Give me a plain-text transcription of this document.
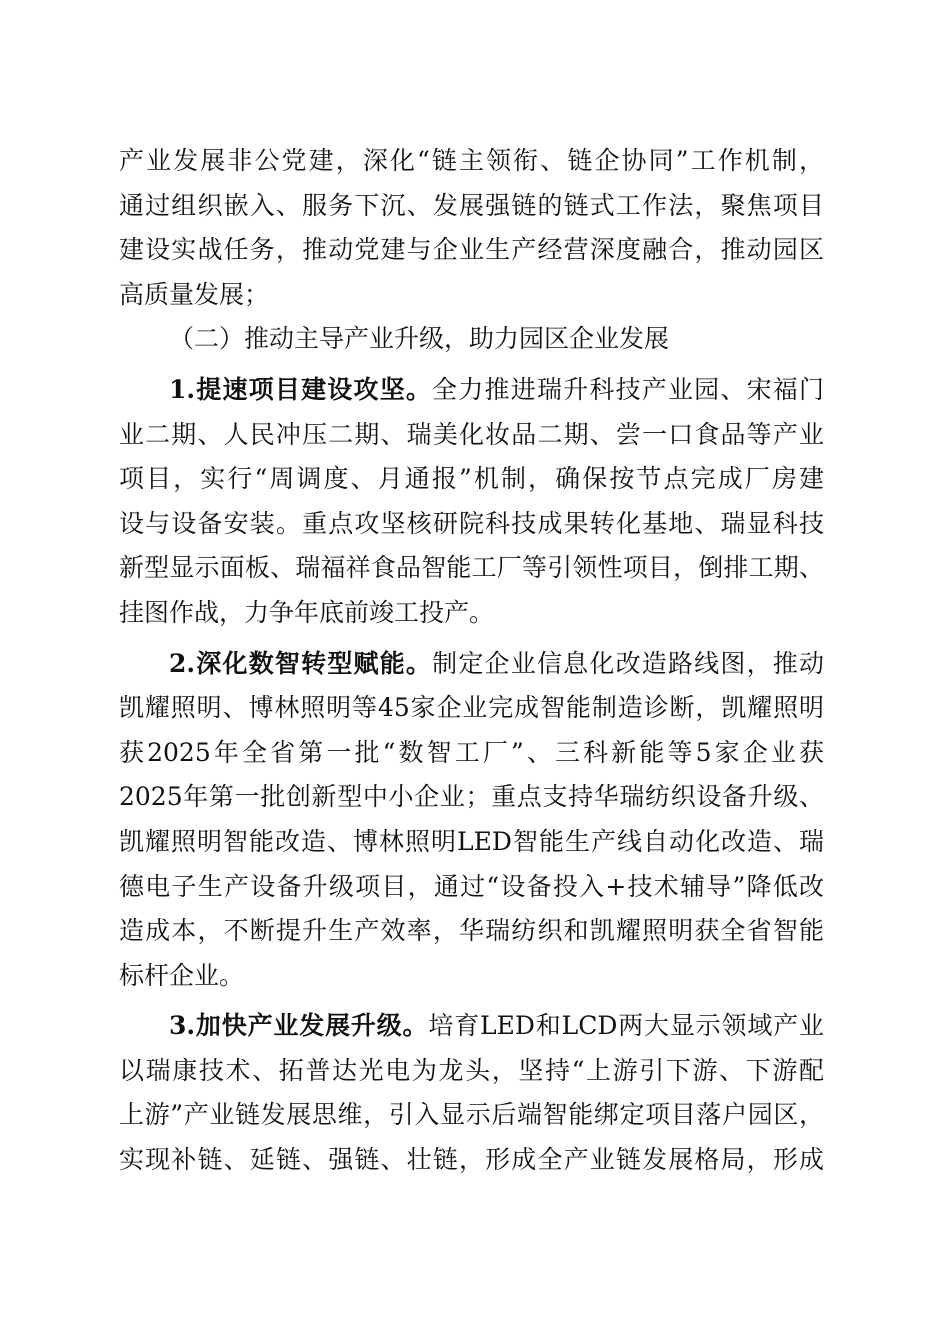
产业发展非公党建，深化“链主领衔、链企协同”工作机制，
通过组织嵌入、服务下沉、发展强链的链式工作法，聚焦项目
建设实战任务，推动党建与企业生产经营深度融合，推动园区
高质量发展；
（二）推动主导产业升级，助力园区企业发展
1.提速项目建设攻坚。全力推进瑞升科技产业园、宋福门
业二期、人民冲压二期、瑞美化妆品二期、尝一口食品等产业
项目，实行“周调度、月通报”机制，确保按节点完成厂房建
设与设备安装。重点攻坚核研院科技成果转化基地、瑞显科技
新型显示面板、瑞福祥食品智能工厂等引领性项目，倒排工期、
挂图作战，力争年底前竣工投产。
2.深化数智转型赋能。制定企业信息化改造路线图，推动
凯耀照明、博林照明等45家企业完成智能制造诊断，凯耀照明
获2025年全省第一批“数智工厂”、三科新能等5家企业获
2025年第一批创新型中小企业；重点支持华瑞纺织设备升级、
凯耀照明智能改造、博林照明LED智能生产线自动化改造、瑞
德电子生产设备升级项目，通过“设备投入+技术辅导”降低改
造成本，不断提升生产效率，华瑞纺织和凯耀照明获全省智能
标杆企业。
3.加快产业发展升级。培育LED和LCD两大显示领域产业
以瑞康技术、拓普达光电为龙头，坚持“上游引下游、下游配
上游”产业链发展思维，引入显示后端智能绑定项目落户园区，
实现补链、延链、强链、壮链，形成全产业链发展格局，形成
